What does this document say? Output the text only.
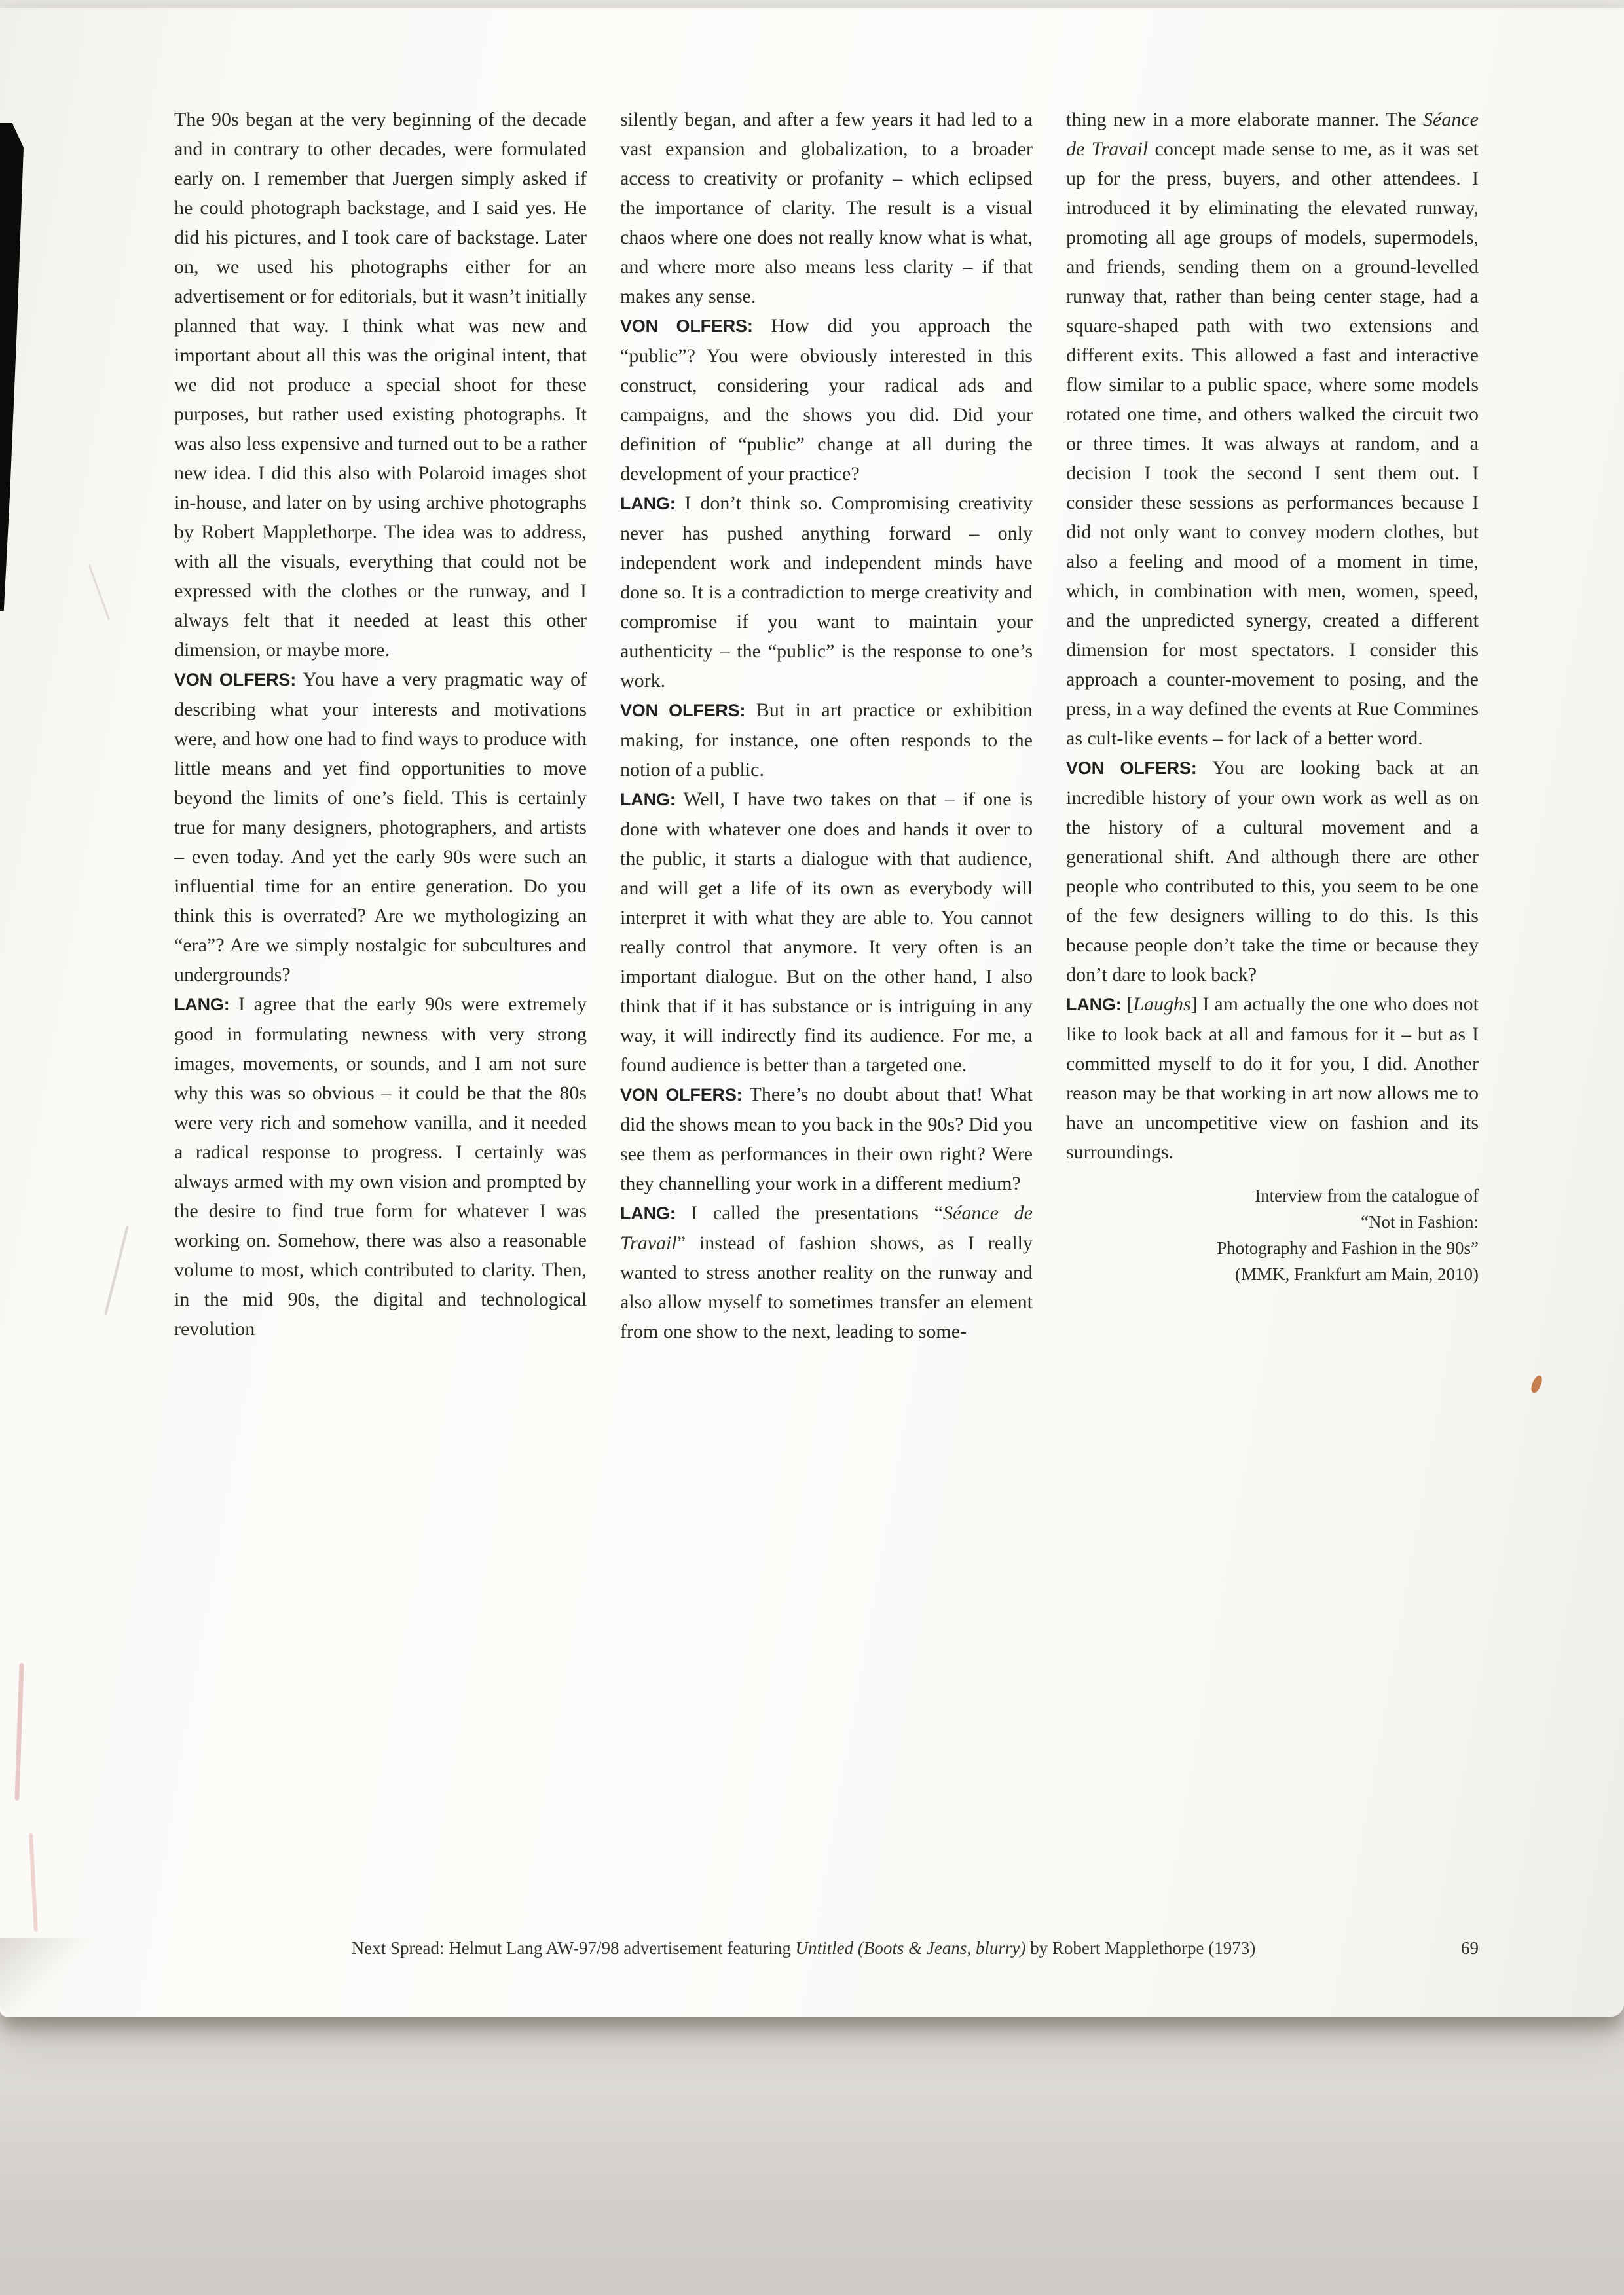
The 90s began at the very beginning of the decade and in contrary to other decades, were formulated early on. I remember that Juergen simply asked if he could photograph backstage, and I said yes. He did his pictures, and I took care of backstage. Later on, we used his photographs either for an advertisement or for editorials, but it wasn’t initially planned that way. I think what was new and important about all this was the original intent, that we did not produce a special shoot for these purposes, but rather used existing photographs. It was also less expensive and turned out to be a rather new idea. I did this also with Polaroid images shot in-house, and later on by using archive photographs by Robert Mapplethorpe. The idea was to address, with all the visuals, everything that could not be expressed with the clothes or the runway, and I always felt that it needed at least this other dimension, or maybe more.

VON OLFERS: You have a very pragmatic way of describing what your interests and motivations were, and how one had to find ways to produce with little means and yet find opportunities to move beyond the limits of one’s field. This is certainly true for many designers, photographers, and artists – even today. And yet the early 90s were such an influential time for an entire generation. Do you think this is overrated? Are we mythologizing an “era”? Are we simply nostalgic for subcultures and undergrounds?

LANG: I agree that the early 90s were extremely good in formulating newness with very strong images, movements, or sounds, and I am not sure why this was so obvious – it could be that the 80s were very rich and somehow vanilla, and it needed a radical response to progress. I certainly was always armed with my own vision and prompted by the desire to find true form for whatever I was working on. Somehow, there was also a reasonable volume to most, which contributed to clarity. Then, in the mid 90s, the digital and technological revolution

silently began, and after a few years it had led to a vast expansion and globalization, to a broader access to creativity or profanity – which eclipsed the importance of clarity. The result is a visual chaos where one does not really know what is what, and where more also means less clarity – if that makes any sense.

VON OLFERS: How did you approach the “public”? You were obviously interested in this construct, considering your radical ads and campaigns, and the shows you did. Did your definition of “public” change at all during the development of your practice?

LANG: I don’t think so. Compromising creativity never has pushed anything forward – only independent work and independent minds have done so. It is a contradiction to merge creativity and compromise if you want to maintain your authenticity – the “public” is the response to one’s work.

VON OLFERS: But in art practice or exhibition making, for instance, one often responds to the notion of a public.

LANG: Well, I have two takes on that – if one is done with whatever one does and hands it over to the public, it starts a dialogue with that audience, and will get a life of its own as everybody will interpret it with what they are able to. You cannot really control that anymore. It very often is an important dialogue. But on the other hand, I also think that if it has substance or is intriguing in any way, it will indirectly find its audience. For me, a found audience is better than a targeted one.

VON OLFERS: There’s no doubt about that! What did the shows mean to you back in the 90s? Did you see them as performances in their own right? Were they channelling your work in a different medium?

LANG: I called the presentations “Séance de Travail” instead of fashion shows, as I really wanted to stress another reality on the runway and also allow myself to sometimes transfer an element from one show to the next, leading to some-

thing new in a more elaborate manner. The Séance de Travail concept made sense to me, as it was set up for the press, buyers, and other attendees. I introduced it by eliminating the elevated runway, promoting all age groups of models, supermodels, and friends, sending them on a ground-levelled runway that, rather than being center stage, had a square-shaped path with two extensions and different exits. This allowed a fast and interactive flow similar to a public space, where some models rotated one time, and others walked the circuit two or three times. It was always at random, and a decision I took the second I sent them out. I consider these sessions as performances because I did not only want to convey modern clothes, but also a feeling and mood of a moment in time, which, in combination with men, women, speed, and the unpredicted synergy, created a different dimension for most spectators. I consider this approach a counter-movement to posing, and the press, in a way defined the events at Rue Commines as cult-like events – for lack of a better word.

VON OLFERS: You are looking back at an incredible history of your own work as well as on the history of a cultural movement and a generational shift. And although there are other people who contributed to this, you seem to be one of the few designers willing to do this. Is this because people don’t take the time or because they don’t dare to look back?

LANG: [Laughs] I am actually the one who does not like to look back at all and famous for it – but as I committed myself to do it for you, I did. Another reason may be that working in art now allows me to have an uncompetitive view on fashion and its surroundings.

Interview from the catalogue of
“Not in Fashion:
Photography and Fashion in the 90s”
(MMK, Frankfurt am Main, 2010)
Next Spread: Helmut Lang AW-97/98 advertisement featuring Untitled (Boots & Jeans, blurry) by Robert Mapplethorpe (1973)	69
